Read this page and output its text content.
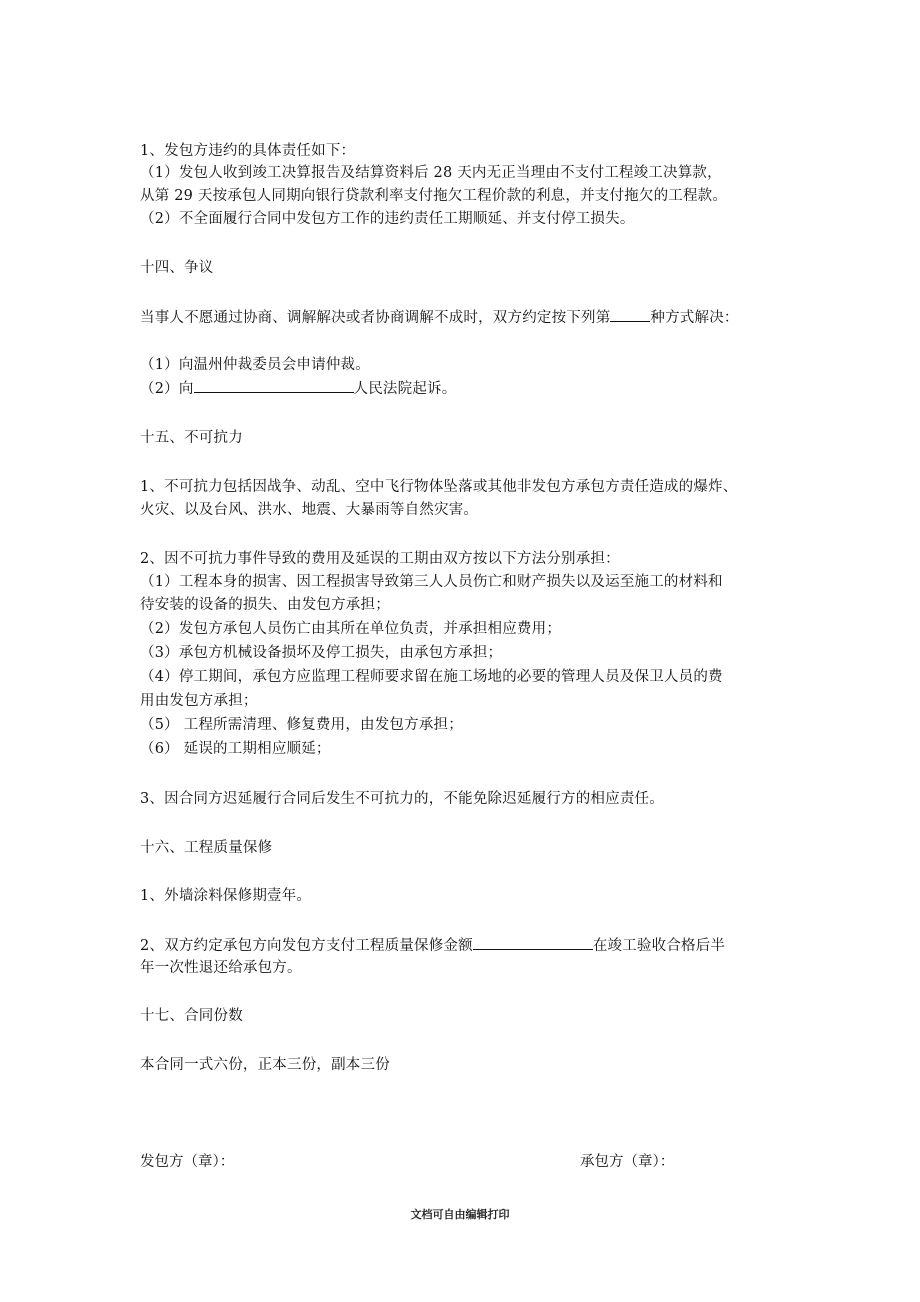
1、发包方违约的具体责任如下：
（1）发包人收到竣工决算报告及结算资料后 28 天内无正当理由不支付工程竣工决算款，
从第 29 天按承包人同期向银行贷款利率支付拖欠工程价款的利息，并支付拖欠的工程款。
（2）不全面履行合同中发包方工作的违约责任工期顺延、并支付停工损失。
十四、争议
当事人不愿通过协商、调解解决或者协商调解不成时，双方约定按下列第	种方式解决：
（1）向温州仲裁委员会申请仲裁。
（2）向	人民法院起诉。
十五、不可抗力
1、不可抗力包括因战争、动乱、空中飞行物体坠落或其他非发包方承包方责任造成的爆炸、
火灾、以及台风、洪水、地震、大暴雨等自然灾害。
2、因不可抗力事件导致的费用及延误的工期由双方按以下方法分别承担：
（1）工程本身的损害、因工程损害导致第三人人员伤亡和财产损失以及运至施工的材料和
待安装的设备的损失、由发包方承担；
（2）发包方承包人员伤亡由其所在单位负责，并承担相应费用；
（3）承包方机械设备损坏及停工损失，由承包方承担；
（4）停工期间，承包方应监理工程师要求留在施工场地的必要的管理人员及保卫人员的费
用由发包方承担；
（5） 工程所需清理、修复费用，由发包方承担；
（6） 延误的工期相应顺延；
3、因合同方迟延履行合同后发生不可抗力的，不能免除迟延履行方的相应责任。
十六、工程质量保修
1、外墙涂料保修期壹年。
2、双方约定承包方向发包方支付工程质量保修金额	在竣工验收合格后半
年一次性退还给承包方。
十七、合同份数
本合同一式六份，正本三份，副本三份
发包方（章）：	承包方（章）：
文档可自由编辑打印
